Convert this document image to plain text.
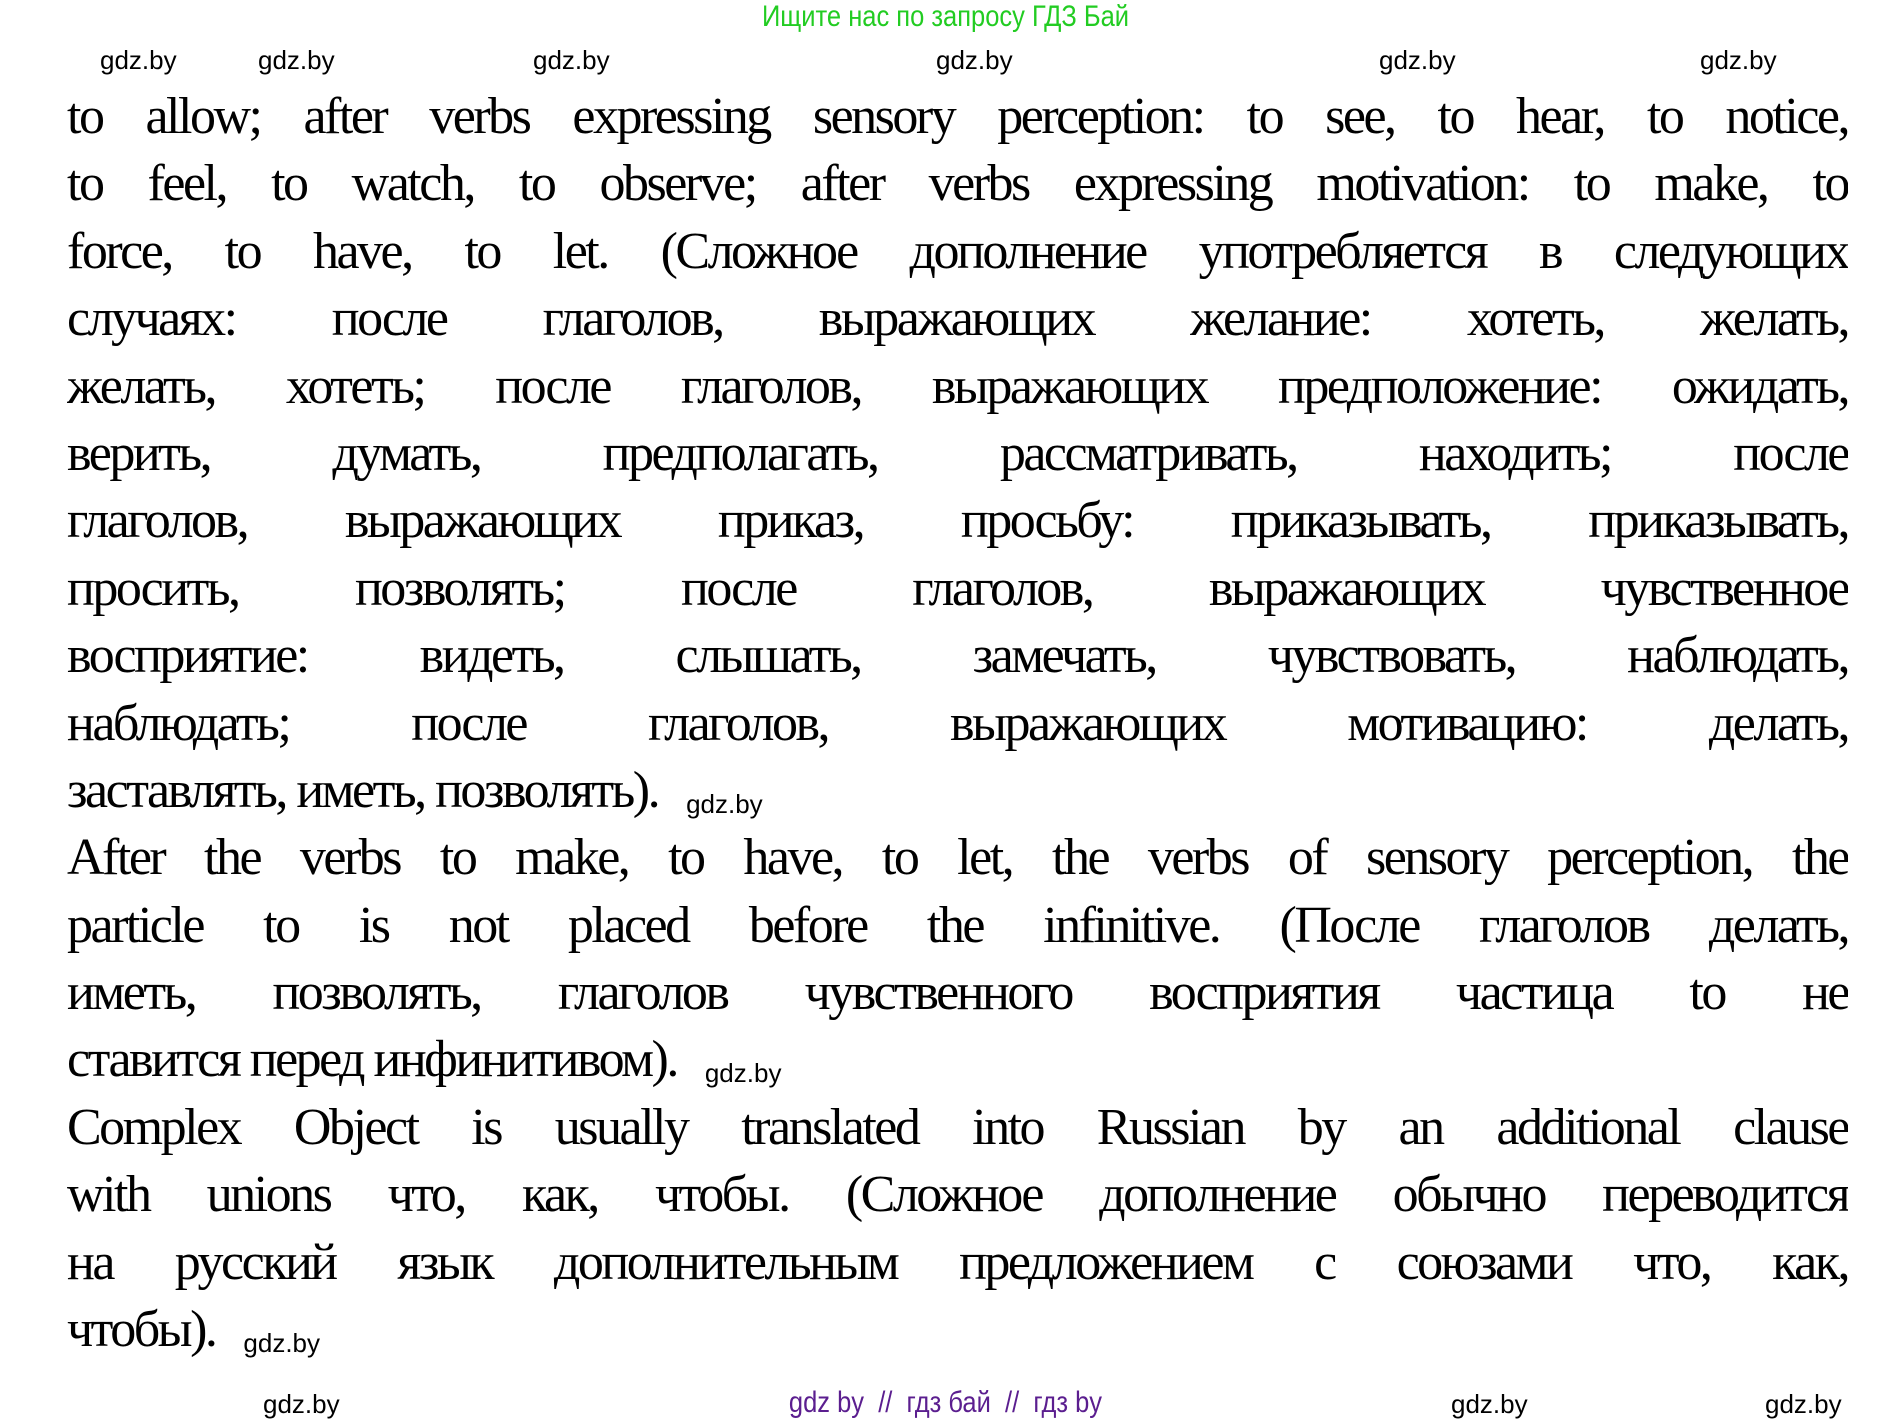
Ищите нас по запросу ГДЗ Бай
gdz.by	gdz.by	gdz.by	gdz.by	gdz.by	gdz.by
to allow; after verbs expressing sensory perception: to see, to hear, to notice,
to feel, to watch, to observe; after verbs expressing motivation: to make, to
force, to have, to let. (Сложное дополнение употребляется в следующих
случаях: после глаголов, выражающих желание: хотеть, желать,
желать, хотеть; после глаголов, выражающих предположение: ожидать,
верить, думать, предполагать, рассматривать, находить; после
глаголов, выражающих приказ, просьбу: приказывать, приказывать,
просить, позволять; после глаголов, выражающих чувственное
восприятие: видеть, слышать, замечать, чувствовать, наблюдать,
наблюдать; после глаголов, выражающих мотивацию: делать,
заставлять, иметь, позволять). gdz.by
After the verbs to make, to have, to let, the verbs of sensory perception, the
particle to is not placed before the infinitive. (После глаголов делать,
иметь, позволять, глаголов чувственного восприятия частица to не
ставится перед инфинитивом). gdz.by
Complex Object is usually translated into Russian by an additional clause
with unions что, как, чтобы. (Сложное дополнение обычно переводится
на русский язык дополнительным предложением с союзами что, как,
чтобы). gdz.by
gdz.by	gdz.by	gdz.by
gdz by  //  гдз бай  //  гдз by
